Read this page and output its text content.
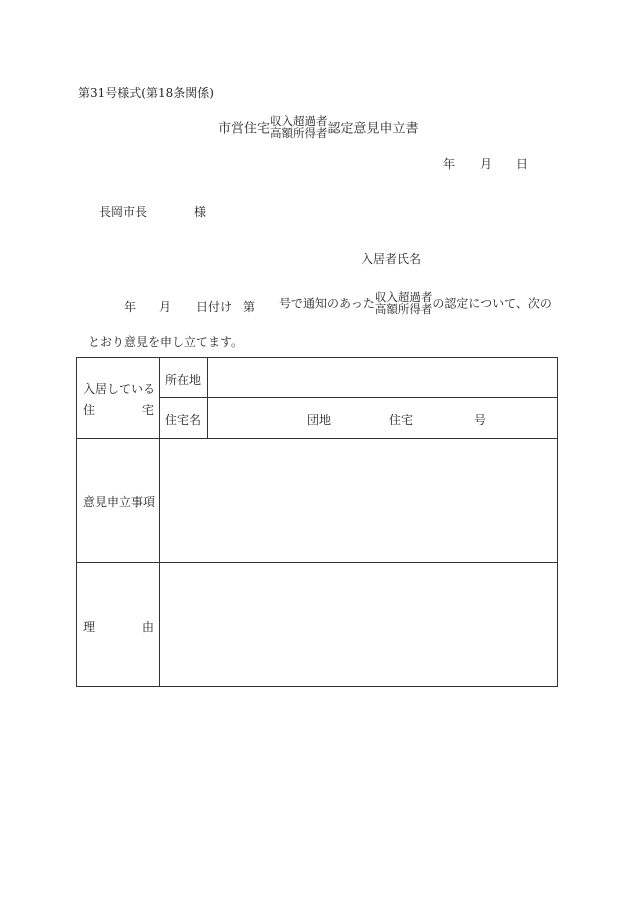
第31号様式(第18条関係)
市営住宅
収入超過者
高額所得者 認定意見申立書
年 月 日
長岡市長	様
入居者氏名
年 月 日付け 第 号で通知のあった 収入超過者
高額所得者 の認定について、次の
とおり意見を申し立てます。
入居している
住	宅
所在地
住宅名	団地	住宅	号
意見申立事項
理	由
